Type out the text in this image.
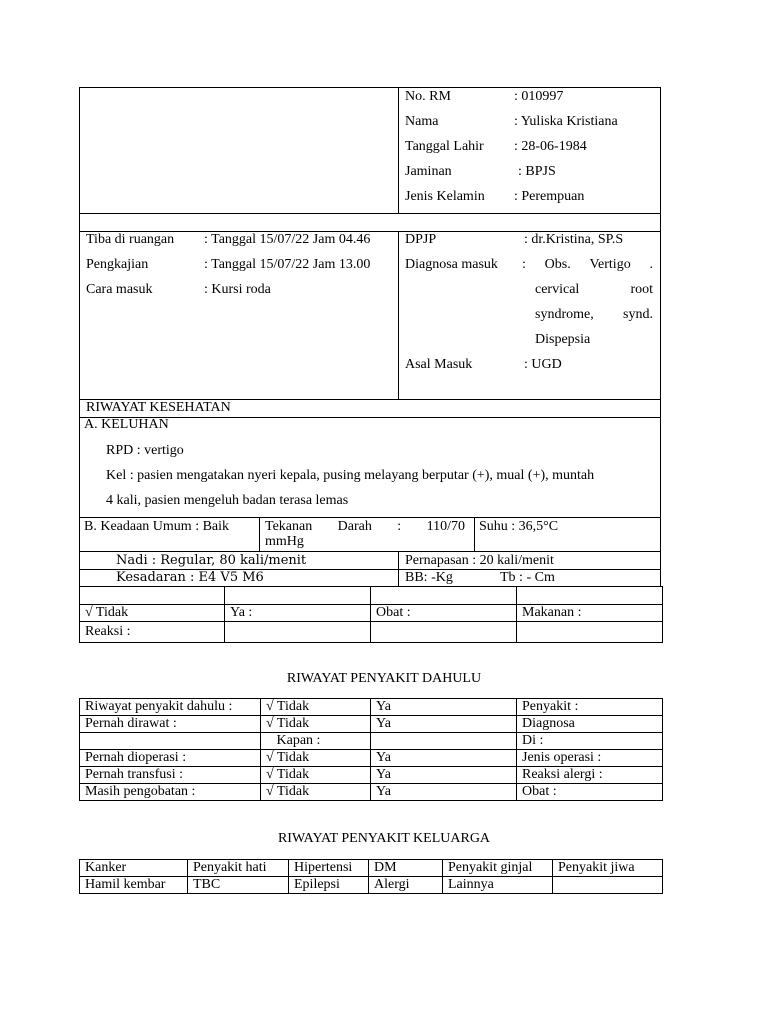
No. RM	: 010997
Nama	: Yuliska Kristiana
Tanggal Lahir : 28-06-1984
Jaminan	: BPJS
Jenis Kelamin : Perempuan
Tiba di ruangan : Tanggal 15/07/22 Jam 04.46
Pengkajian	: Tanggal 15/07/22 Jam 13.00
Cara masuk	: Kursi roda
DPJP	: dr.Kristina, SP.S
Diagnosa masuk : Obs. Vertigo .
cervical	root
syndrome, synd.
Dispepsia
Asal Masuk	: UGD
RIWAYAT KESEHATAN
A. KELUHAN
RPD : vertigo
Kel : pasien mengatakan nyeri kepala, pusing melayang berputar (+), mual (+), muntah
4 kali, pasien mengeluh badan terasa lemas
B. Keadaan Umum : Baik	Tekanan Darah : 110/70
mmHg
Suhu : 36,5°C
Nadi : Regular, 80 kali/menit	Pernapasan : 20 kali/menit
Kesadaran : E4 V5 M6	BB: -Kg	Tb : - Cm

√ Tidak	Ya :	Obat :	Makanan :
Reaksi :			
RIWAYAT PENYAKIT DAHULU
Riwayat penyakit dahulu :	√ Tidak	Ya	Penyakit :
Pernah dirawat :	√ Tidak	Ya	Diagnosa
	Kapan :		Di :
Pernah dioperasi :	√ Tidak	Ya	Jenis operasi :
Pernah transfusi :	√ Tidak	Ya	Reaksi alergi :
Masih pengobatan :	√ Tidak	Ya	Obat :
RIWAYAT PENYAKIT KELUARGA
Kanker	Penyakit hati	Hipertensi	DM	Penyakit ginjal	Penyakit jiwa
Hamil kembar	TBC	Epilepsi	Alergi	Lainnya	
